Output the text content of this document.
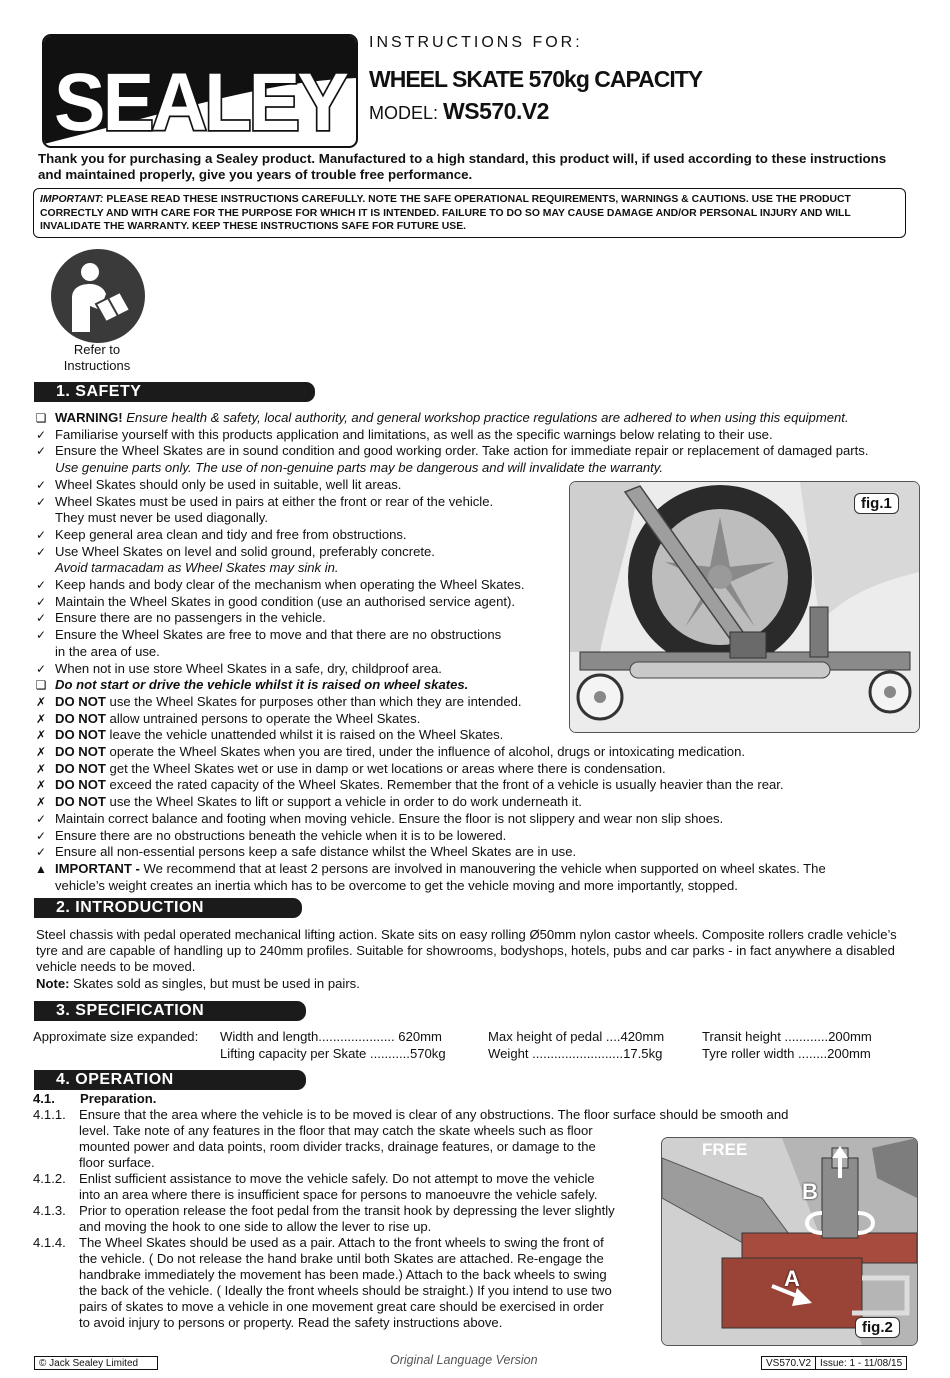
SEALEY
INSTRUCTIONS FOR:
WHEEL SKATE 570kg CAPACITY
MODEL: WS570.V2
Thank you for purchasing a Sealey product. Manufactured to a high standard, this product will, if used according to these instructions and maintained properly, give you years of trouble free performance.
IMPORTANT: PLEASE READ THESE INSTRUCTIONS CAREFULLY. NOTE THE SAFE OPERATIONAL REQUIREMENTS, WARNINGS & CAUTIONS. USE THE PRODUCT CORRECTLY AND WITH CARE FOR THE PURPOSE FOR WHICH IT IS INTENDED. FAILURE TO DO SO MAY CAUSE DAMAGE AND/OR PERSONAL INJURY AND WILL INVALIDATE THE WARRANTY. KEEP THESE INSTRUCTIONS SAFE FOR FUTURE USE.
Refer to
Instructions
1. SAFETY
❏ WARNING! Ensure health & safety, local authority, and general workshop practice regulations are adhered to when using this equipment.
✓ Familiarise yourself with this products application and limitations, as well as the specific warnings below relating to their use.
✓ Ensure the Wheel Skates are in sound condition and good working order. Take action for immediate repair or replacement of damaged parts.
Use genuine parts only. The use of non-genuine parts may be dangerous and will invalidate the warranty.
✓ Wheel Skates should only be used in suitable, well lit areas.
✓ Wheel Skates must be used in pairs at either the front or rear of the vehicle.
They must never be used diagonally.
✓ Keep general area clean and tidy and free from obstructions.
✓ Use Wheel Skates on level and solid ground, preferably concrete.
Avoid tarmacadam as Wheel Skates may sink in.
✓ Keep hands and body clear of the mechanism when operating the Wheel Skates.
✓ Maintain the Wheel Skates in good condition (use an authorised service agent).
✓ Ensure there are no passengers in the vehicle.
✓ Ensure the Wheel Skates are free to move and that there are no obstructions
in the area of use.
✓ When not in use store Wheel Skates in a safe, dry, childproof area.
❏ Do not start or drive the vehicle whilst it is raised on wheel skates.
✗ DO NOT use the Wheel Skates for purposes other than which they are intended.
✗ DO NOT allow untrained persons to operate the Wheel Skates.
✗ DO NOT leave the vehicle unattended whilst it is raised on the Wheel Skates.
✗ DO NOT operate the Wheel Skates when you are tired, under the influence of alcohol, drugs or intoxicating medication.
✗ DO NOT get the Wheel Skates wet or use in damp or wet locations or areas where there is condensation.
✗ DO NOT exceed the rated capacity of the Wheel Skates. Remember that the front of a vehicle is usually heavier than the rear.
✗ DO NOT use the Wheel Skates to lift or support a vehicle in order to do work underneath it.
✓ Maintain correct balance and footing when moving vehicle. Ensure the floor is not slippery and wear non slip shoes.
✓ Ensure there are no obstructions beneath the vehicle when it is to be lowered.
✓ Ensure all non-essential persons keep a safe distance whilst the Wheel Skates are in use.
▲ IMPORTANT - We recommend that at least 2 persons are involved in manouvering the vehicle when supported on wheel skates. The
vehicle’s weight creates an inertia which has to be overcome to get the vehicle moving and more importantly, stopped.
fig.1
2. INTRODUCTION
Steel chassis with pedal operated mechanical lifting action. Skate sits on easy rolling Ø50mm nylon castor wheels. Composite rollers cradle vehicle’s tyre and are capable of handling up to 240mm profiles. Suitable for showrooms, bodyshops, hotels, pubs and car parks - in fact anywhere a disabled vehicle needs to be moved.
Note: Skates sold as singles, but must be used in pairs.
3. SPECIFICATION
Approximate size expanded: Width and length..................... 620mm
Lifting capacity per Skate ...........570kg
Max height of pedal ....420mm
Weight .........................17.5kg
Transit height ............200mm
Tyre roller width ........200mm
4. OPERATION
4.1. Preparation.
4.1.1. Ensure that the area where the vehicle is to be moved is clear of any obstructions. The floor surface should be smooth and
level. Take note of any features in the floor that may catch the skate wheels such as floor
mounted power and data points, room divider tracks, drainage features, or damage to the
floor surface.
4.1.2. Enlist sufficient assistance to move the vehicle safely. Do not attempt to move the vehicle
into an area where there is insufficient space for persons to manoeuvre the vehicle safely.
4.1.3. Prior to operation release the foot pedal from the transit hook by depressing the lever slightly
and moving the hook to one side to allow the lever to rise up.
4.1.4. The Wheel Skates should be used as a pair. Attach to the front wheels to swing the front of
the vehicle. ( Do not release the hand brake until both Skates are attached. Re-engage the
handbrake immediately the movement has been made.) Attach to the back wheels to swing
the back of the vehicle. ( Ideally the front wheels should be straight.) If you intend to use two
pairs of skates to move a vehicle in one movement great care should be exercised in order
to avoid injury to persons or property. Read the safety instructions above.
FREE
B
A
fig.2
© Jack Sealey Limited	Original Language Version	VS570.V2 Issue: 1 - 11/08/15
